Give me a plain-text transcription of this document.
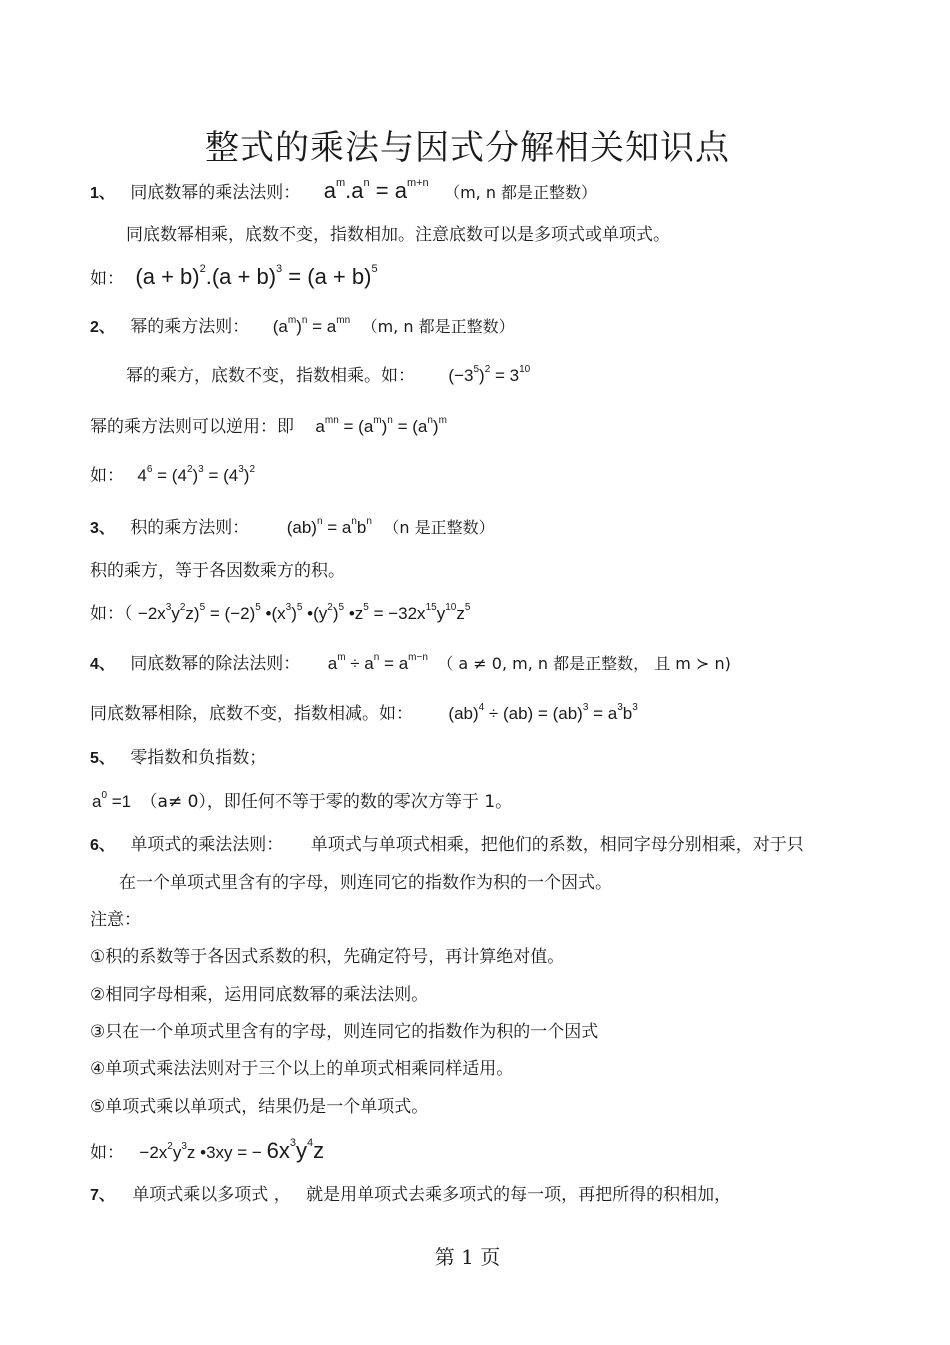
整式的乘法与因式分解相关知识点
1、 同底数幂的乘法法则： $a^m.a^n = a^{m+n}$ （m, n 都是正整数）
同底数幂相乘，底数不变，指数相加。注意底数可以是多项式或单项式。
如： $(a + b)^2.(a + b)^3 = (a + b)^5$
2、 幂的乘方法则： $(a^m)^n = a^{mn}$ （m, n 都是正整数）
幂的乘方，底数不变，指数相乘。如： $(-3^5)^2 = 3^{10}$
幂的乘方法则可以逆用：即 $a^{mn} = (a^m)^n = (a^n)^m$
如： $4^6 = (4^2)^3 = (4^3)^2$
3、 积的乘方法则： $(ab)^n = a^nb^n$ （n 是正整数）
积的乘方，等于各因数乘方的积。
如：（ $-2x^3y^2z)^5 = (-2)^5$ $•(x^3)^5$ $•(y^2)^5$ $•z^5 = -32x^{15}y^{10}z^5$
4、 同底数幂的除法法则： $a^m \div a^n = a^{m-n}$ （ a ≠ 0, m, n 都是正整数， 且 m ≻ n)
同底数幂相除，底数不变，指数相减。如： $(ab)^4 \div (ab) = (ab)^3 = a^3b^3$
5、 零指数和负指数；
$a^0 =1$ （a≠ 0），即任何不等于零的数的零次方等于 1。
6、 单项式的乘法法则： 单项式与单项式相乘，把他们的系数，相同字母分别相乘，对于只
在一个单项式里含有的字母，则连同它的指数作为积的一个因式。
注意：
①积的系数等于各因式系数的积，先确定符号，再计算绝对值。
②相同字母相乘，运用同底数幂的乘法法则。
③只在一个单项式里含有的字母，则连同它的指数作为积的一个因式
④单项式乘法法则对于三个以上的单项式相乘同样适用。
⑤单项式乘以单项式，结果仍是一个单项式。
如： $-2x^2y^3z$ •3xy = − $6x^3y^4z$
7、 单项式乘以多项式 ， 就是用单项式去乘多项式的每一项，再把所得的积相加，
第 1 页
